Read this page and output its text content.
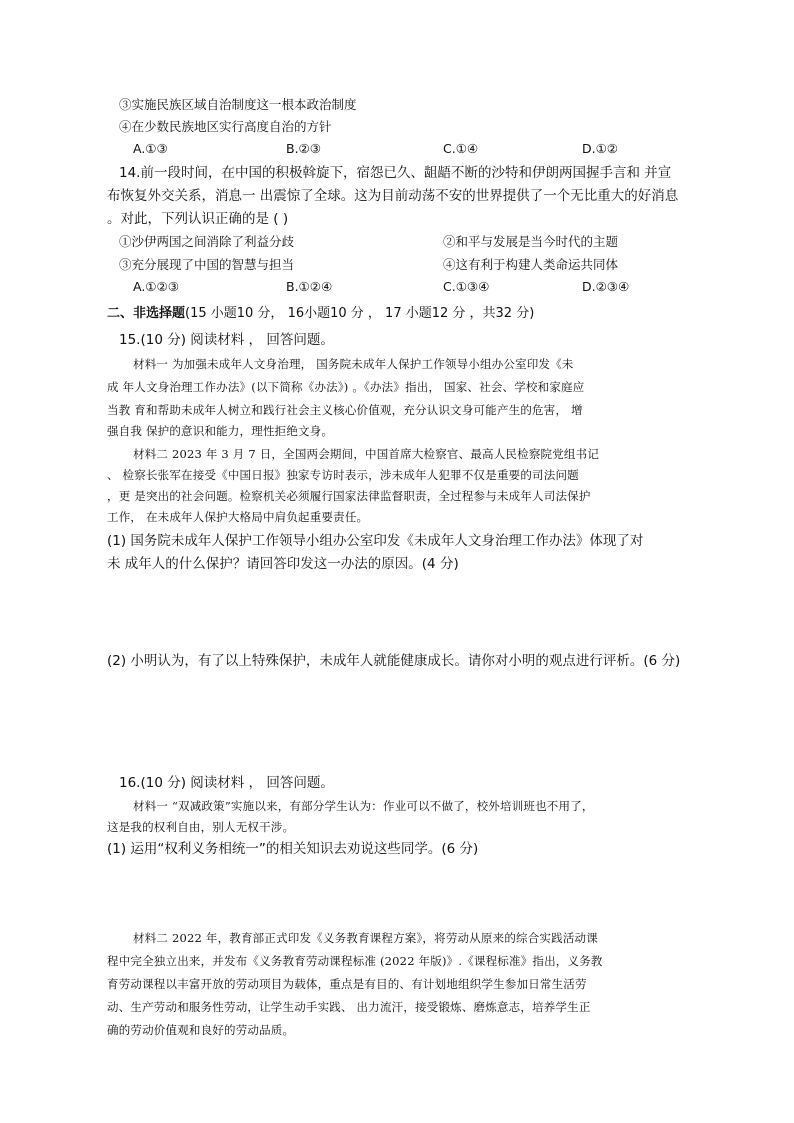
③实施民族区域自治制度这一根本政治制度
④在少数民族地区实行高度自治的方针
A.①③	B.②③	C.①④	D.①②
14.前一段时间，在中国的积极斡旋下，宿怨已久、龃龉不断的沙特和伊朗两国握手言和 并宣
布恢复外交关系，消息一 出震惊了全球。这为目前动荡不安的世界提供了一个无比重大的好消息
。对此，下列认识正确的是 ( )
①沙伊两国之间消除了利益分歧	②和平与发展是当今时代的主题
③充分展现了中国的智慧与担当	④这有利于构建人类命运共同体
A.①②③	B.①②④	C.①③④	D.②③④
二、非选择题(15 小题10 分， 16小题10 分 ， 17 小题12 分 ，共32 分)
15.(10 分) 阅读材料 ， 回答问题。
材料一 为加强未成年人文身治理， 国务院未成年人保护工作领导小组办公室印发《未
成 年人文身治理工作办法》(以下简称《办法》) 。《办法》指出， 国家、社会、学校和家庭应
当教 育和帮助未成年人树立和践行社会主义核心价值观，充分认识文身可能产生的危害， 增
强自我 保护的意识和能力，理性拒绝文身。
材料二 2023 年 3 月 7 日，全国两会期间，中国首席大检察官、最高人民检察院党组书记
、 检察长张军在接受《中国日报》独家专访时表示，涉未成年人犯罪不仅是重要的司法问题
，更 是突出的社会问题。检察机关必须履行国家法律监督职责，全过程参与未成年人司法保护
工作， 在未成年人保护大格局中肩负起重要责任。
(1) 国务院未成年人保护工作领导小组办公室印发《未成年人文身治理工作办法》体现了对
未 成年人的什么保护？请回答印发这一办法的原因。(4 分)
(2) 小明认为，有了以上特殊保护，未成年人就能健康成长。请你对小明的观点进行评析。(6 分)
16.(10 分) 阅读材料 ， 回答问题。
材料一 “双减政策”实施以来，有部分学生认为：作业可以不做了，校外培训班也不用了，
这是我的权利自由，别人无权干涉。
(1) 运用“权利义务相统一”的相关知识去劝说这些同学。(6 分)
材料二 2022 年，教育部正式印发《义务教育课程方案》，将劳动从原来的综合实践活动课
程中完全独立出来，并发布《义务教育劳动课程标准 (2022 年版)》.《课程标准》指出，义务教
育劳动课程以丰富开放的劳动项目为载体，重点是有目的、有计划地组织学生参加日常生活劳
动、生产劳动和服务性劳动，让学生动手实践、 出力流汗，接受锻炼、磨炼意志，培养学生正
确的劳动价值观和良好的劳动品质。
